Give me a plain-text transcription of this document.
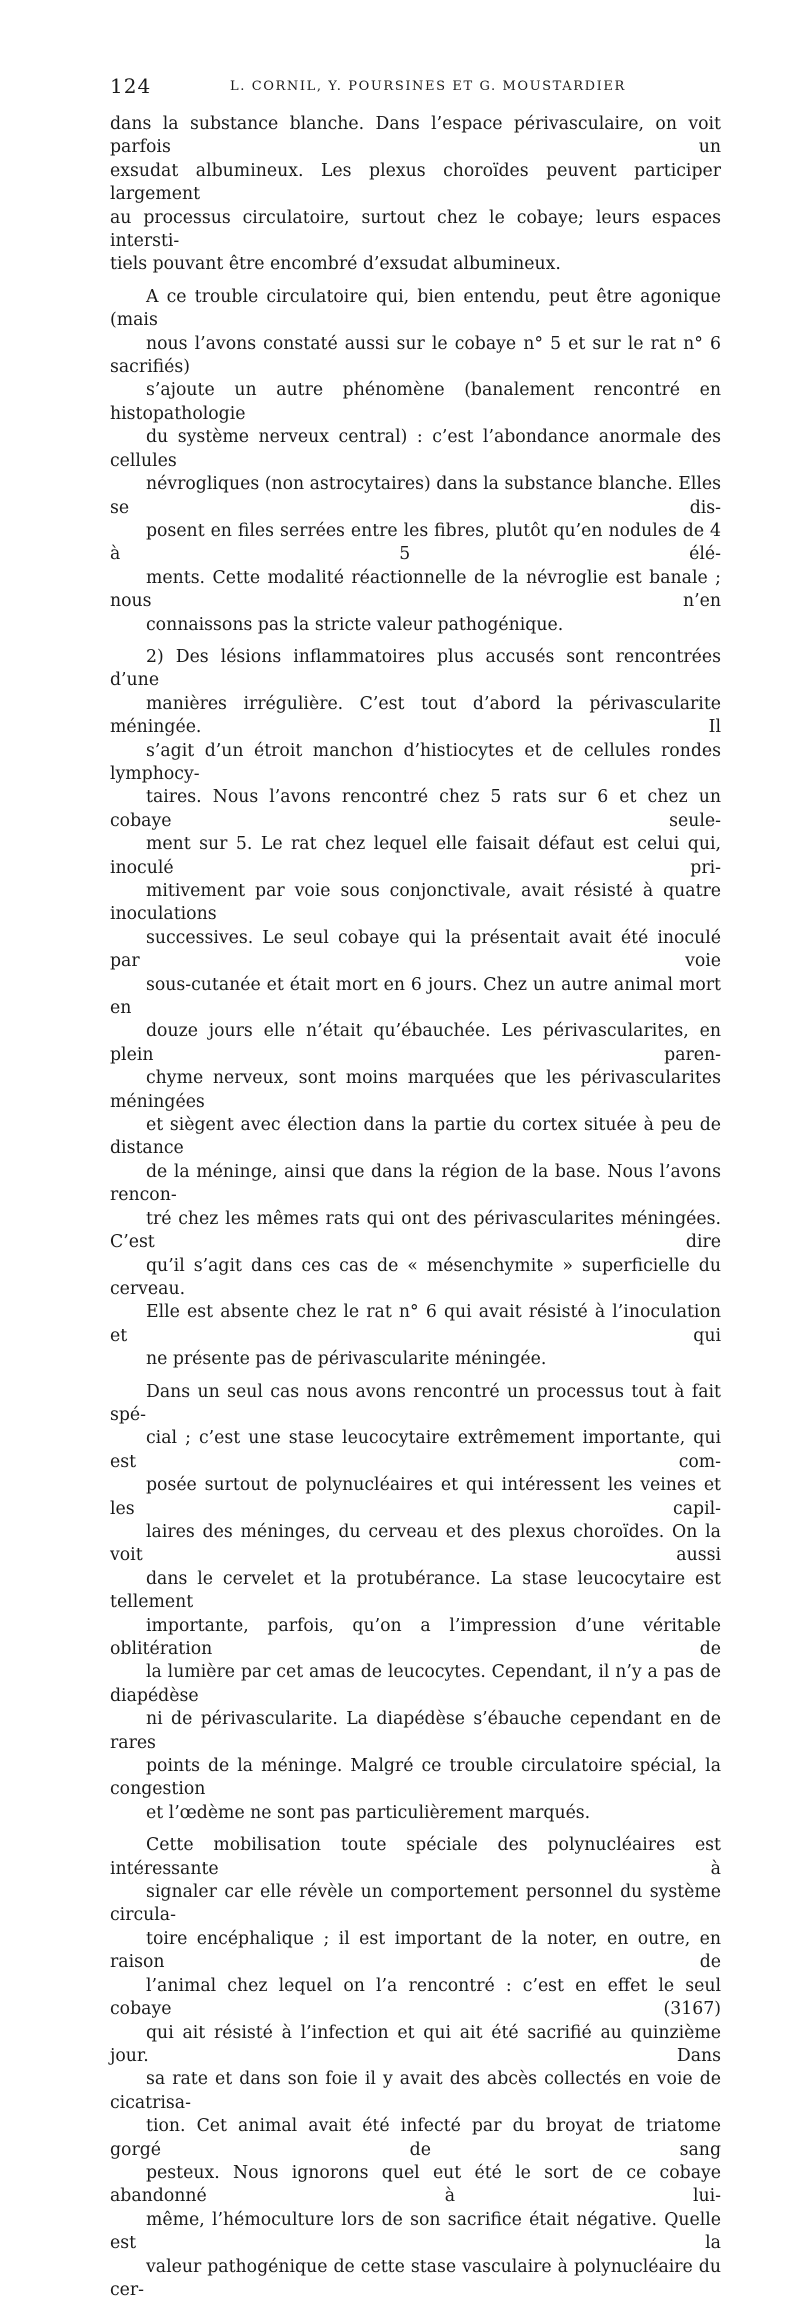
124	L. CORNIL, Y. POURSINES ET G. MOUSTARDIER

dans la substance blanche. Dans l’espace périvasculaire, on voit parfois un
exsudat albumineux. Les plexus choroïdes peuvent participer largement
au processus circulatoire, surtout chez le cobaye; leurs espaces intersti-
tiels pouvant être encombré d’exsudat albumineux.

A ce trouble circulatoire qui, bien entendu, peut être agonique (mais
nous l’avons constaté aussi sur le cobaye n° 5 et sur le rat n° 6 sacrifiés)
s’ajoute un autre phénomène (banalement rencontré en histopathologie
du système nerveux central) : c’est l’abondance anormale des cellules
névrogliques (non astrocytaires) dans la substance blanche. Elles se dis-
posent en files serrées entre les fibres, plutôt qu’en nodules de 4 à 5 élé-
ments. Cette modalité réactionnelle de la névroglie est banale ; nous n’en
connaissons pas la stricte valeur pathogénique.

2) Des lésions inflammatoires plus accusés sont rencontrées d’une
manières irrégulière. C’est tout d’abord la périvascularite méningée. Il
s’agit d’un étroit manchon d’histiocytes et de cellules rondes lymphocy-
taires. Nous l’avons rencontré chez 5 rats sur 6 et chez un cobaye seule-
ment sur 5. Le rat chez lequel elle faisait défaut est celui qui, inoculé pri-
mitivement par voie sous conjonctivale, avait résisté à quatre inoculations
successives. Le seul cobaye qui la présentait avait été inoculé par voie
sous-cutanée et était mort en 6 jours. Chez un autre animal mort en
douze jours elle n’était qu’ébauchée. Les périvascularites, en plein paren-
chyme nerveux, sont moins marquées que les périvascularites méningées
et siègent avec élection dans la partie du cortex située à peu de distance
de la méninge, ainsi que dans la région de la base. Nous l’avons rencon-
tré chez les mêmes rats qui ont des périvascularites méningées. C’est dire
qu’il s’agit dans ces cas de « mésenchymite » superficielle du cerveau.
Elle est absente chez le rat n° 6 qui avait résisté à l’inoculation et qui
ne présente pas de périvascularite méningée.

Dans un seul cas nous avons rencontré un processus tout à fait spé-
cial ; c’est une stase leucocytaire extrêmement importante, qui est com-
posée surtout de polynucléaires et qui intéressent les veines et les capil-
laires des méninges, du cerveau et des plexus choroïdes. On la voit aussi
dans le cervelet et la protubérance. La stase leucocytaire est tellement
importante, parfois, qu’on a l’impression d’une véritable oblitération de
la lumière par cet amas de leucocytes. Cependant, il n’y a pas de diapédèse
ni de périvascularite. La diapédèse s’ébauche cependant en de rares
points de la méninge. Malgré ce trouble circulatoire spécial, la congestion
et l’œdème ne sont pas particulièrement marqués.

Cette mobilisation toute spéciale des polynucléaires est intéressante à
signaler car elle révèle un comportement personnel du système circula-
toire encéphalique ; il est important de la noter, en outre, en raison de
l’animal chez lequel on l’a rencontré : c’est en effet le seul cobaye (3167)
qui ait résisté à l’infection et qui ait été sacrifié au quinzième jour. Dans
sa rate et dans son foie il y avait des abcès collectés en voie de cicatrisa-
tion. Cet animal avait été infecté par du broyat de triatome gorgé de sang
pesteux. Nous ignorons quel eut été le sort de ce cobaye abandonné à lui-
même, l’hémoculture lors de son sacrifice était négative. Quelle est la
valeur pathogénique de cette stase vasculaire à polynucléaire du cer-
